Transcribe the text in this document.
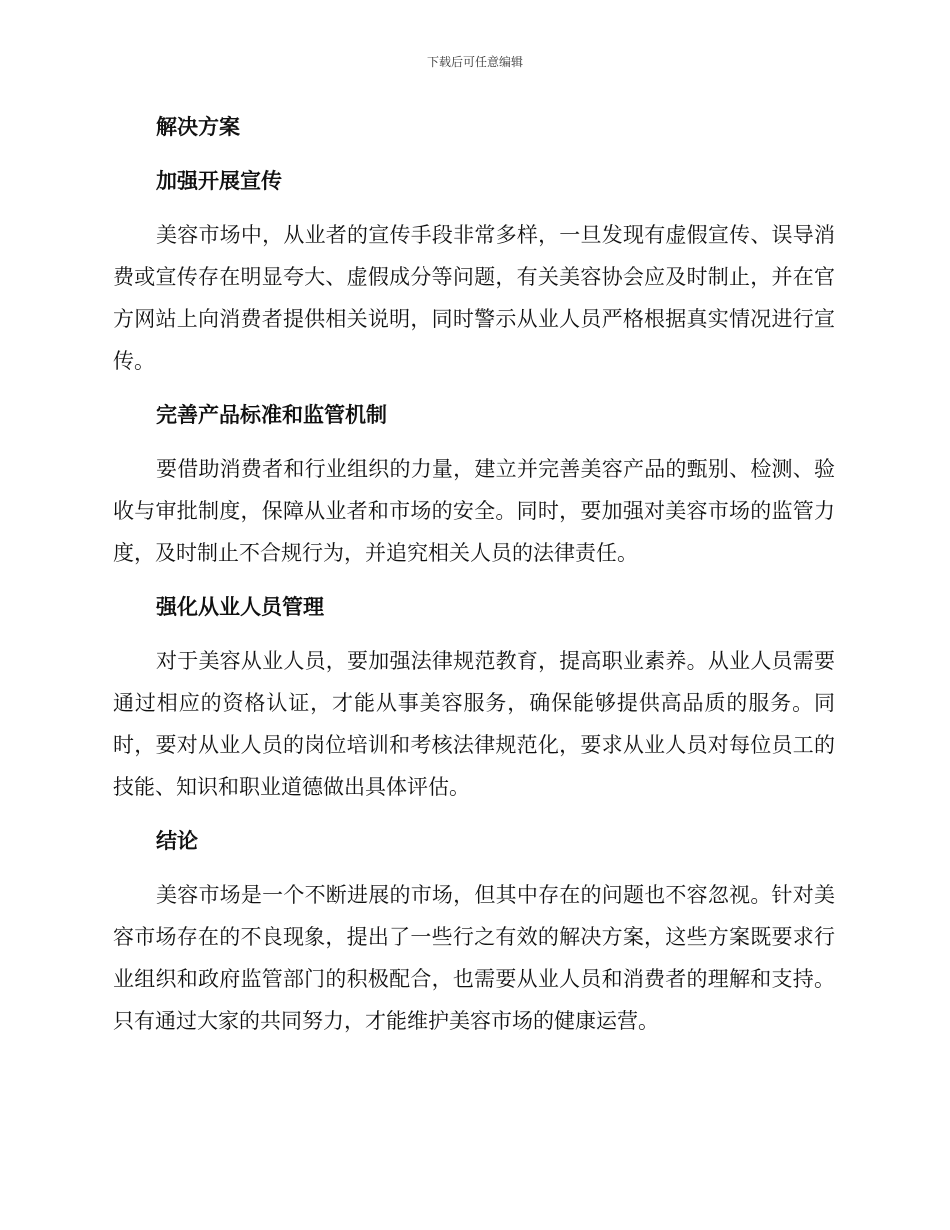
下载后可任意编辑
解决方案
加强开展宣传

美容市场中，从业者的宣传手段非常多样，一旦发现有虚假宣传、误导消费或宣传存在明显夸大、虚假成分等问题，有关美容协会应及时制止，并在官方网站上向消费者提供相关说明，同时警示从业人员严格根据真实情况进行宣传。

完善产品标准和监管机制

要借助消费者和行业组织的力量，建立并完善美容产品的甄别、检测、验收与审批制度，保障从业者和市场的安全。同时，要加强对美容市场的监管力度，及时制止不合规行为，并追究相关人员的法律责任。

强化从业人员管理

对于美容从业人员，要加强法律规范教育，提高职业素养。从业人员需要通过相应的资格认证，才能从事美容服务，确保能够提供高品质的服务。同时，要对从业人员的岗位培训和考核法律规范化，要求从业人员对每位员工的技能、知识和职业道德做出具体评估。

结论

美容市场是一个不断进展的市场，但其中存在的问题也不容忽视。针对美容市场存在的不良现象，提出了一些行之有效的解决方案，这些方案既要求行业组织和政府监管部门的积极配合，也需要从业人员和消费者的理解和支持。只有通过大家的共同努力，才能维护美容市场的健康运营。
